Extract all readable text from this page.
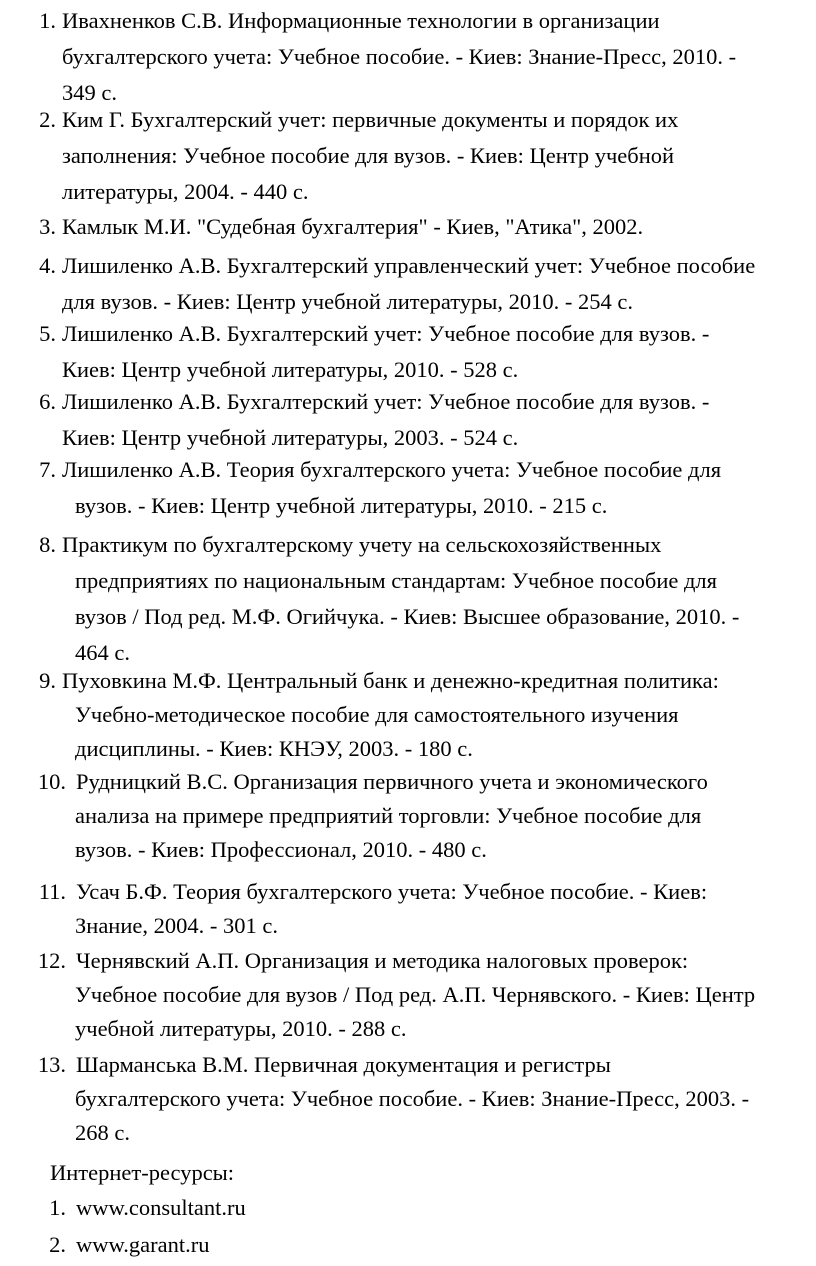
1. Ивахненков С.В. Информационные технологии в организации
бухгалтерского учета: Учебное пособие. - Киев: Знание-Пресс, 2010. -
349 с.
2. Ким Г. Бухгалтерский учет: первичные документы и порядок их
заполнения: Учебное пособие для вузов. - Киев: Центр учебной
литературы, 2004. - 440 с.
3. Камлык М.И. "Судебная бухгалтерия" - Киев, "Атика", 2002.
4. Лишиленко А.В. Бухгалтерский управленческий учет: Учебное пособие
для вузов. - Киев: Центр учебной литературы, 2010. - 254 с.
5. Лишиленко А.В. Бухгалтерский учет: Учебное пособие для вузов. -
Киев: Центр учебной литературы, 2010. - 528 с.
6. Лишиленко А.В. Бухгалтерский учет: Учебное пособие для вузов. -
Киев: Центр учебной литературы, 2003. - 524 с.
7. Лишиленко А.В. Теория бухгалтерского учета: Учебное пособие для
вузов. - Киев: Центр учебной литературы, 2010. - 215 с.
8. Практикум по бухгалтерскому учету на сельскохозяйственных
предприятиях по национальным стандартам: Учебное пособие для
вузов / Под ред. М.Ф. Огийчука. - Киев: Высшее образование, 2010. -
464 с.
9. Пуховкина М.Ф. Центральный банк и денежно-кредитная политика:
Учебно-методическое пособие для самостоятельного изучения
дисциплины. - Киев: КНЭУ, 2003. - 180 с.
10. Рудницкий В.С. Организация первичного учета и экономического
анализа на примере предприятий торговли: Учебное пособие для
вузов. - Киев: Профессионал, 2010. - 480 с.
11. Усач Б.Ф. Теория бухгалтерского учета: Учебное пособие. - Киев:
Знание, 2004. - 301 с.
12. Чернявский А.П. Организация и методика налоговых проверок:
Учебное пособие для вузов / Под ред. А.П. Чернявского. - Киев: Центр
учебной литературы, 2010. - 288 с.
13. Шарманська В.М. Первичная документация и регистры
бухгалтерского учета: Учебное пособие. - Киев: Знание-Пресс, 2003. -
268 с.
Интернет-ресурсы:
1. www.consultant.ru
2. www.garant.ru
